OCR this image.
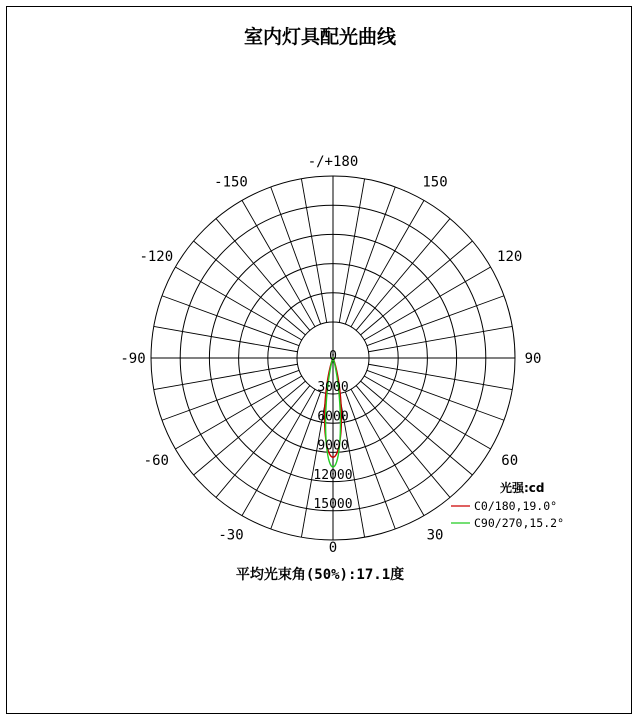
室内灯具配光曲线
-/+180
150
-150
120
-120
90
-90
60
-60
30
-30
0
0
3000
6000
9000
12000
15000
光强:cd
C0/180,19.0°
C90/270,15.2°
平均光束角(50%):17.1度
